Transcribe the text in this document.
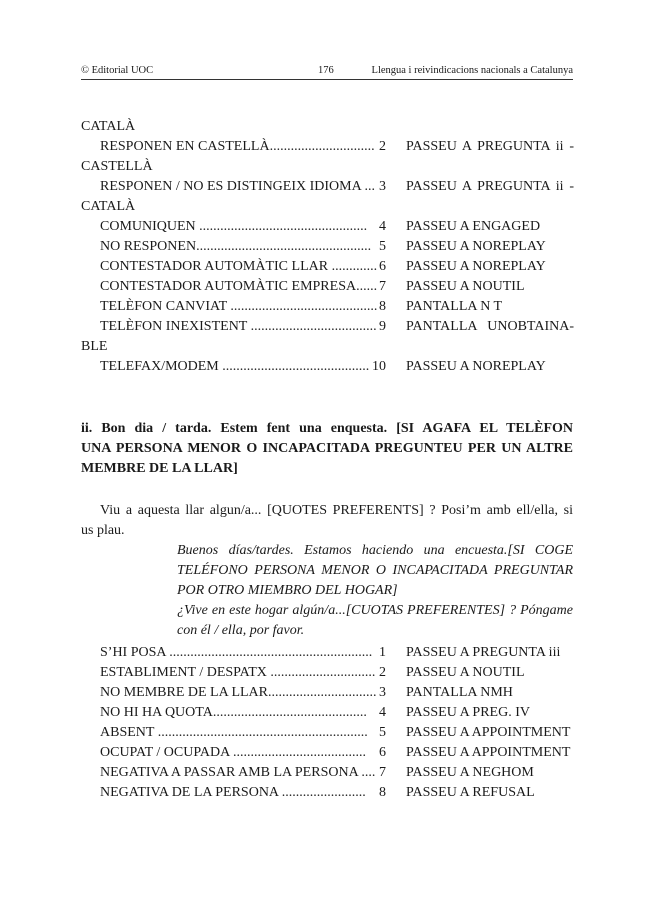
© Editorial UOC	176	Llengua i reivindicacions nacionals a Catalunya
CATALÀ
RESPONEN EN CASTELLÀ.............................. 2 PASSEU A PREGUNTA ii -
CASTELLÀ
RESPONEN / NO ES DISTINGEIX IDIOMA ... 3 PASSEU A PREGUNTA ii -
CATALÀ
COMUNIQUEN ................................................ 4 PASSEU A ENGAGED
NO RESPONEN.................................................. 5 PASSEU A NOREPLAY
CONTESTADOR AUTOMÀTIC LLAR ............. 6 PASSEU A NOREPLAY
CONTESTADOR AUTOMÀTIC EMPRESA...... 7 PASSEU A NOUTIL
TELÈFON CANVIAT .......................................... 8 PANTALLA N T
TELÈFON INEXISTENT .................................... 9 PANTALLA UNOBTAINA-
BLE
TELEFAX/MODEM .......................................... 10 PASSEU A NOREPLAY
ii. Bon dia / tarda. Estem fent una enquesta. [SI AGAFA EL TELÈFON
UNA PERSONA MENOR O INCAPACITADA PREGUNTEU PER UN ALTRE
MEMBRE DE LA LLAR]
Viu a aquesta llar algun/a... [QUOTES PREFERENTS] ? Posi’m amb ell/ella, si
us plau.
Buenos días/tardes. Estamos haciendo una encuesta.[SI COGE
TELÉFONO PERSONA MENOR O INCAPACITADA PREGUNTAR
POR OTRO MIEMBRO DEL HOGAR]
¿Vive en este hogar algún/a...[CUOTAS PREFERENTES] ? Póngame
con él / ella, por favor.
S’HI POSA .......................................................... 1 PASSEU A PREGUNTA iii
ESTABLIMENT / DESPATX .............................. 2 PASSEU A NOUTIL
NO MEMBRE DE LA LLAR............................... 3 PANTALLA NMH
NO HI HA QUOTA............................................ 4 PASSEU A PREG. IV
ABSENT ............................................................ 5 PASSEU A APPOINTMENT
OCUPAT / OCUPADA ...................................... 6 PASSEU A APPOINTMENT
NEGATIVA A PASSAR AMB LA PERSONA .... 7 PASSEU A NEGHOM
NEGATIVA DE LA PERSONA ........................ 8 PASSEU A REFUSAL
